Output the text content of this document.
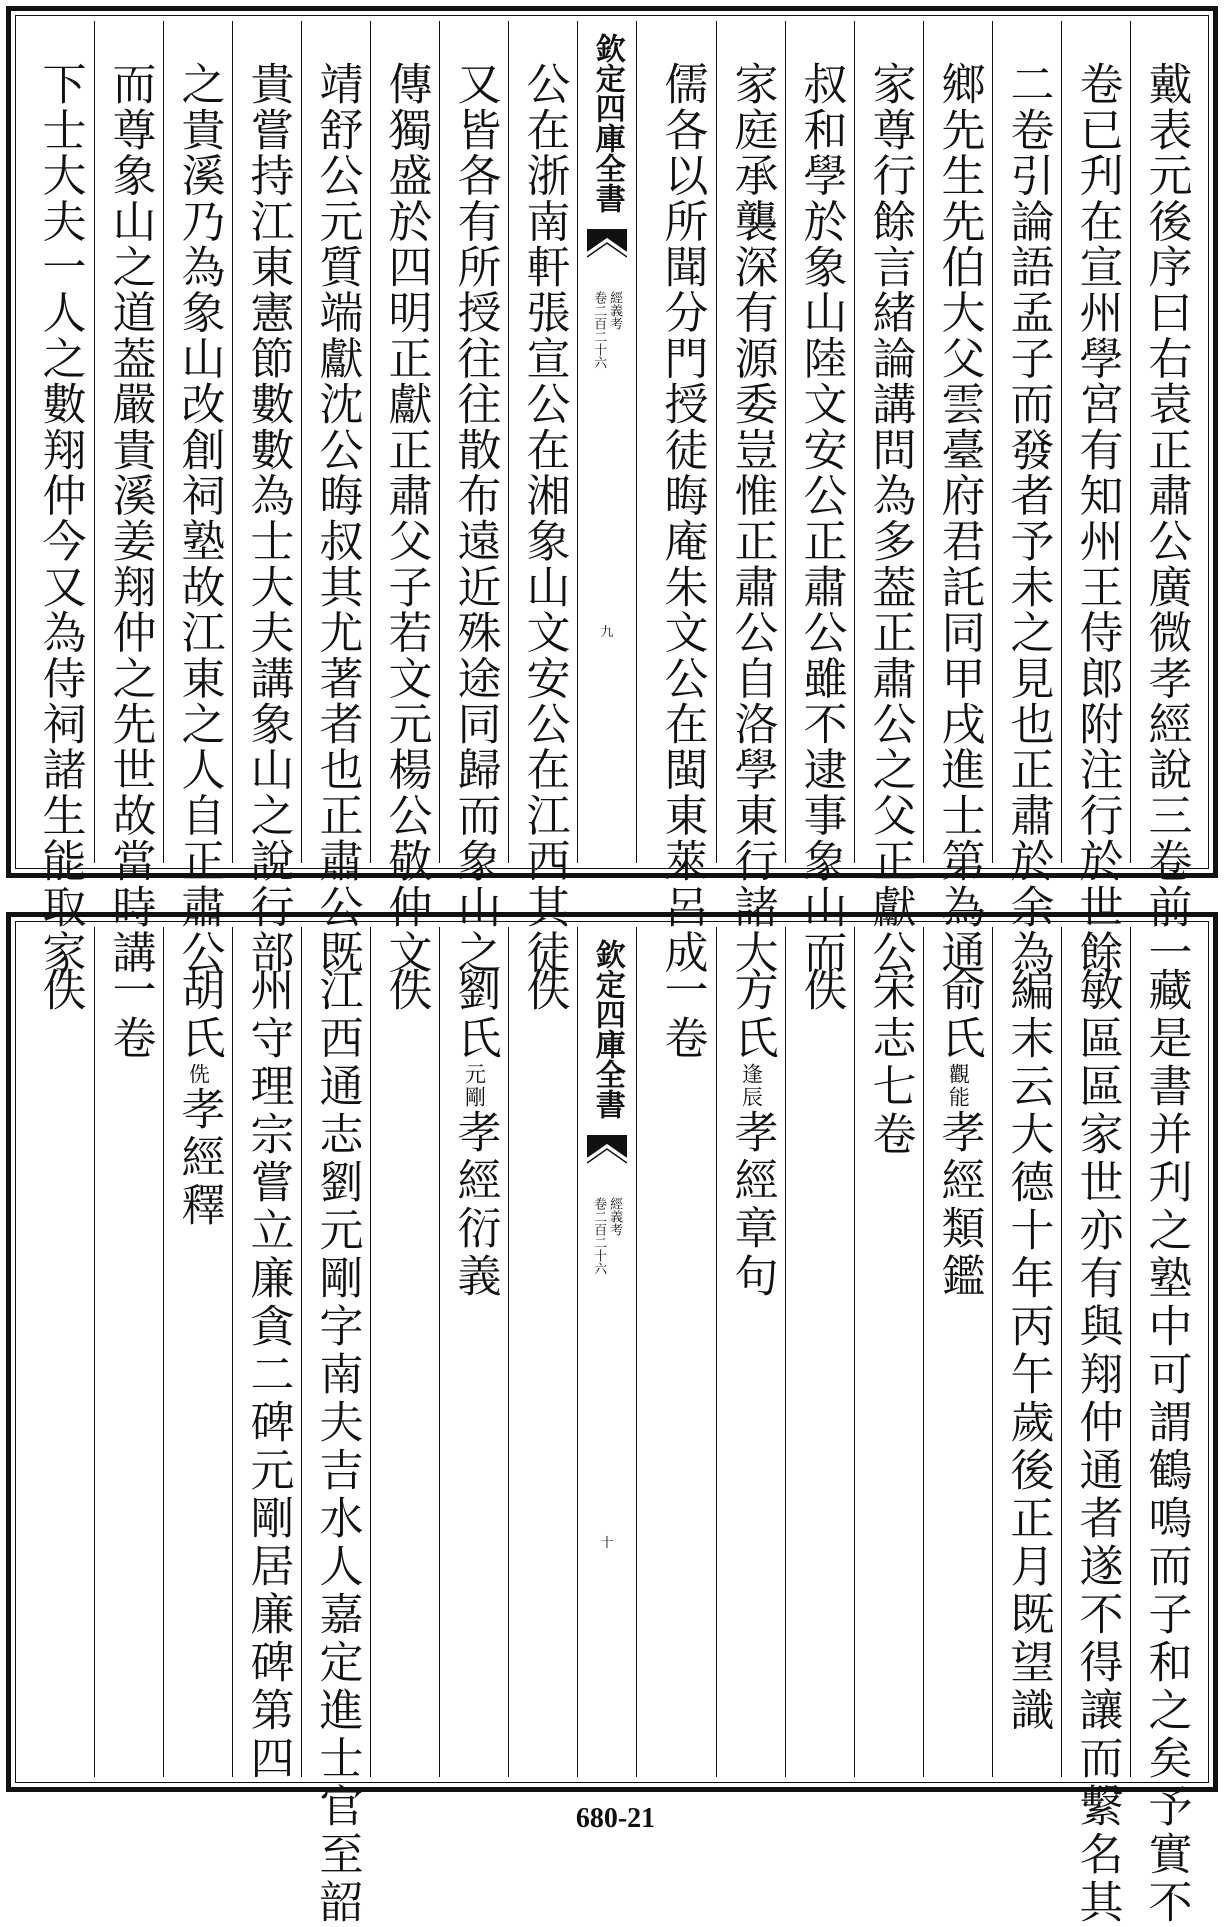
戴表元後序曰右袁正肅公廣微孝經說三卷前一
卷已刋在宣州學宮有知州王侍郎附注行於世餘
二卷引論語孟子而發者予未之見也正肅於余為
鄉先生先伯大父雲臺府君託同甲戌進士第為通
家尊行餘言緒論講問為多葢正肅公之父正獻公
叔和學於象山陸文安公正肅公雖不逮事象山而
家庭承襲深有源委豈惟正肅公自洛學東行諸大
儒各以所聞分門授徒晦庵朱文公在閩東萊呂成
公在浙南軒張宣公在湘象山文安公在江西其徒
又皆各有所授往往散布遠近殊途同歸而象山之
傳獨盛於四明正獻正肅父子若文元楊公敬仲文
靖舒公元質端獻沈公晦叔其尤著者也正肅公既
貴嘗持江東憲節數數為士大夫講象山之說行部
之貴溪乃為象山改創祠塾故江東之人自正肅公
而尊象山之道葢嚴貴溪姜翔仲之先世故當時講
下士大夫一人之數翔仲今又為侍祠諸生能取家	欽定四庫全書
經義考
卷二百二十六
九
藏是書并刋之塾中可謂鶴鳴而子和之矣予實不
敏區區家世亦有與翔仲通者遂不得讓而繫名其
編末云大德十年丙午歲後正月既望識
俞氏觀能孝經類鑑
宋志七卷
佚
方氏逢辰孝經章句
一卷
佚
劉氏元剛孝經衍義
佚
江西通志劉元剛字南夫吉水人嘉定進士官至韶
州守理宗嘗立廉貪二碑元剛居廉碑第四
胡氏侁孝經釋
一卷
佚	欽定四庫全書
經義考
卷二百二十六
十
680-21
